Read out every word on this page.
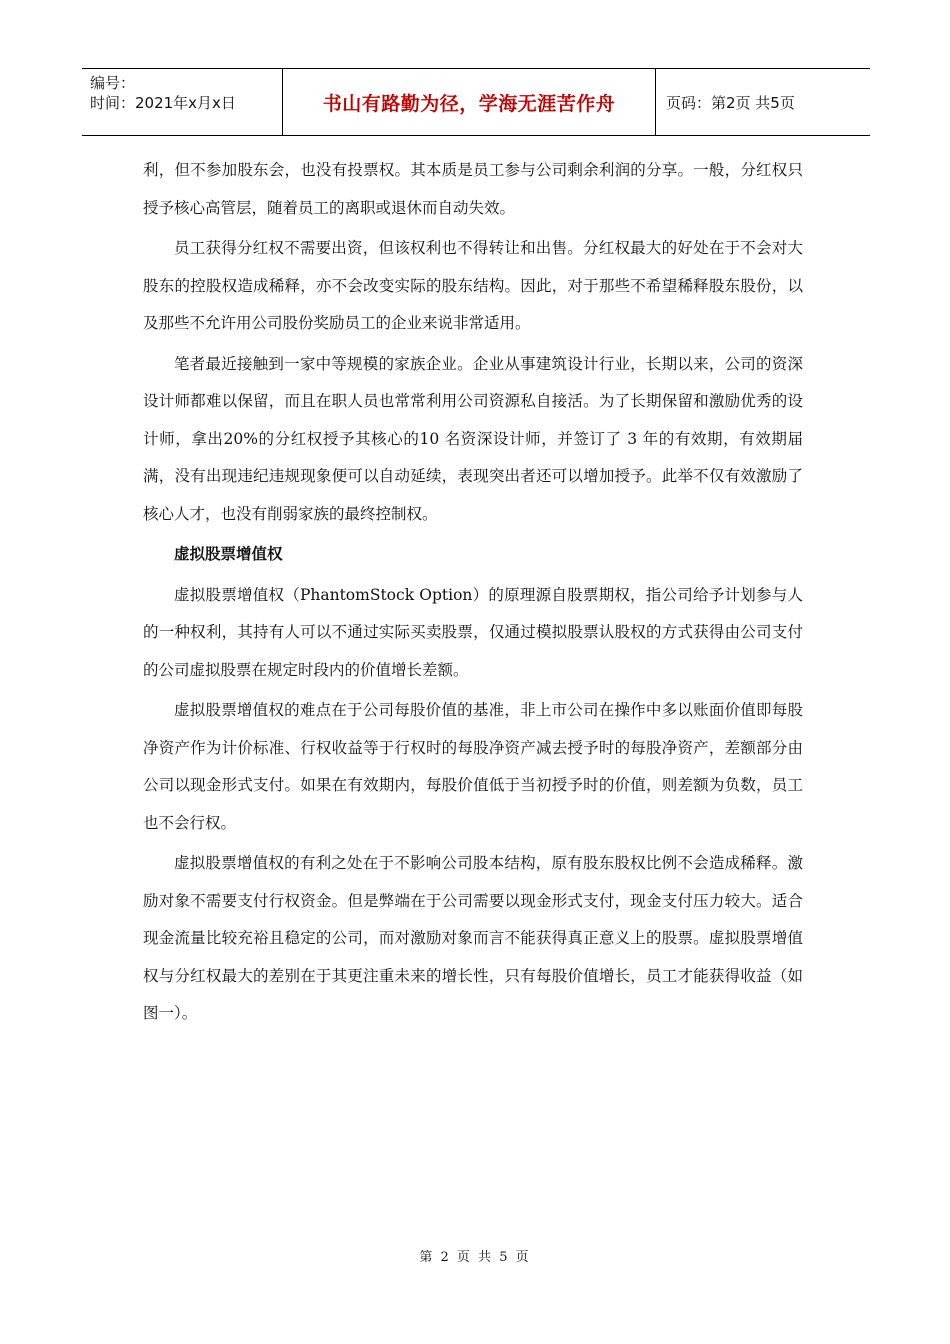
编号：
时间：2021年x月x日	书山有路勤为径，学海无涯苦作舟	页码：第2页 共5页

利，但不参加股东会，也没有投票权。其本质是员工参与公司剩余利润的分享。一般，分红权只授予核心高管层，随着员工的离职或退休而自动失效。

员工获得分红权不需要出资，但该权利也不得转让和出售。分红权最大的好处在于不会对大股东的控股权造成稀释，亦不会改变实际的股东结构。因此，对于那些不希望稀释股东股份，以及那些不允许用公司股份奖励员工的企业来说非常适用。

笔者最近接触到一家中等规模的家族企业。企业从事建筑设计行业，长期以来，公司的资深设计师都难以保留，而且在职人员也常常利用公司资源私自接活。为了长期保留和激励优秀的设计师，拿出20%的分红权授予其核心的10 名资深设计师，并签订了 3 年的有效期，有效期届满，没有出现违纪违规现象便可以自动延续，表现突出者还可以增加授予。此举不仅有效激励了核心人才，也没有削弱家族的最终控制权。

虚拟股票增值权

虚拟股票增值权（PhantomStock Option）的原理源自股票期权，指公司给予计划参与人的一种权利，其持有人可以不通过实际买卖股票，仅通过模拟股票认股权的方式获得由公司支付的公司虚拟股票在规定时段内的价值增长差额。

虚拟股票增值权的难点在于公司每股价值的基准，非上市公司在操作中多以账面价值即每股净资产作为计价标准、行权收益等于行权时的每股净资产减去授予时的每股净资产，差额部分由公司以现金形式支付。如果在有效期内，每股价值低于当初授予时的价值，则差额为负数，员工也不会行权。

虚拟股票增值权的有利之处在于不影响公司股本结构，原有股东股权比例不会造成稀释。激励对象不需要支付行权资金。但是弊端在于公司需要以现金形式支付，现金支付压力较大。适合现金流量比较充裕且稳定的公司，而对激励对象而言不能获得真正意义上的股票。虚拟股票增值权与分红权最大的差别在于其更注重未来的增长性，只有每股价值增长，员工才能获得收益（如图一）。

第 2 页 共 5 页
